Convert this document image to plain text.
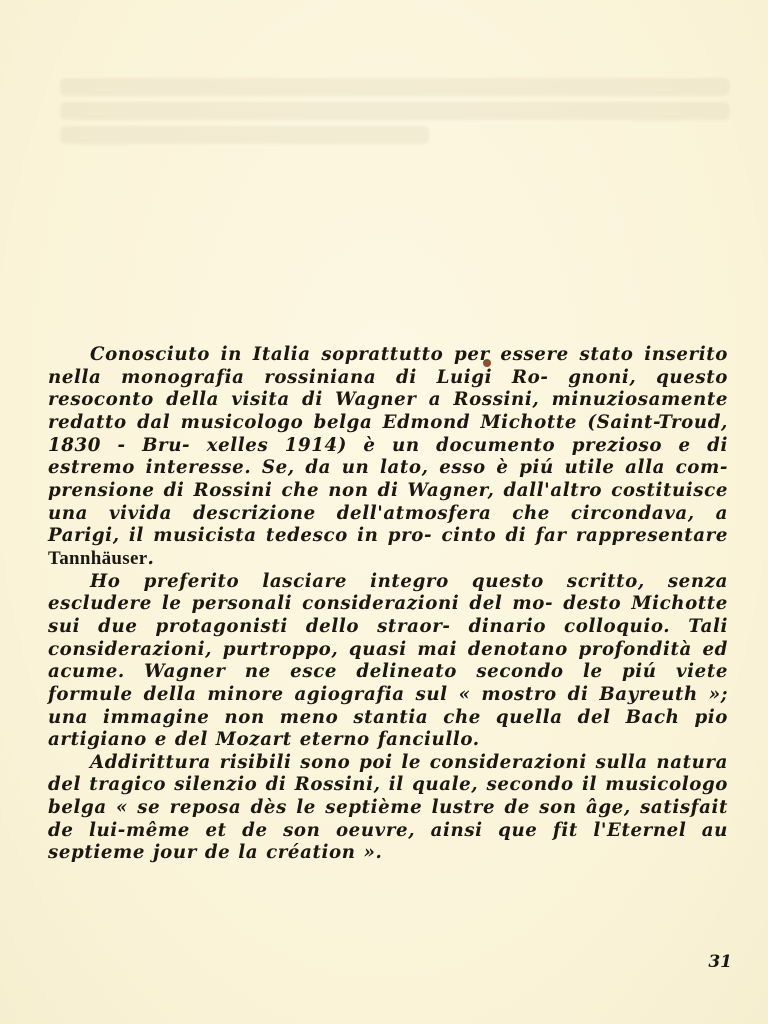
Conosciuto in Italia soprattutto per essere stato inserito nella monografia rossiniana di Luigi Ro- gnoni, questo resoconto della visita di Wagner a Rossini, minuziosamente redatto dal musicologo belga Edmond Michotte (Saint-Troud, 1830 - Bru- xelles 1914) è un documento prezioso e di estremo interesse. Se, da un lato, esso è piú utile alla com- prensione di Rossini che non di Wagner, dall'altro costituisce una vivida descrizione dell'atmosfera che circondava, a Parigi, il musicista tedesco in pro- cinto di far rappresentare Tannhäuser.

Ho preferito lasciare integro questo scritto, senza escludere le personali considerazioni del mo- desto Michotte sui due protagonisti dello straor- dinario colloquio. Tali considerazioni, purtroppo, quasi mai denotano profondità ed acume. Wagner ne esce delineato secondo le piú viete formule della minore agiografia sul « mostro di Bayreuth »; una immagine non meno stantia che quella del Bach pio artigiano e del Mozart eterno fanciullo.

Addirittura risibili sono poi le considerazioni sulla natura del tragico silenzio di Rossini, il quale, secondo il musicologo belga « se reposa dès le septième lustre de son âge, satisfait de lui-même et de son oeuvre, ainsi que fit l'Eternel au septieme jour de la création ».

31
